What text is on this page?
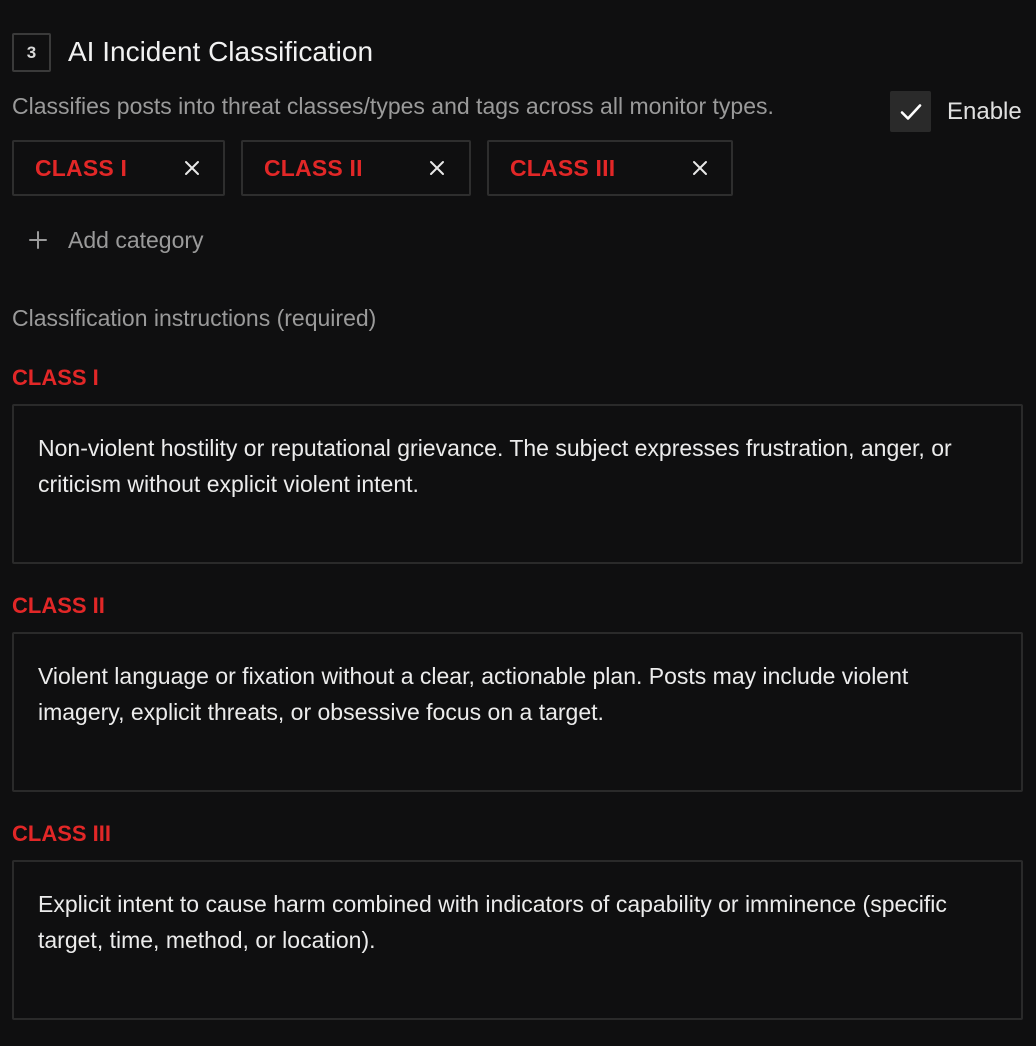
3 AI Incident Classification
Classifies posts into threat classes/types and tags across all monitor types.	Enable
CLASS I	CLASS II	CLASS III
Add category
Classification instructions (required)
CLASS I
Non-violent hostility or reputational grievance. The subject expresses frustration, anger, or criticism without explicit violent intent.
CLASS II
Violent language or fixation without a clear, actionable plan. Posts may include violent imagery, explicit threats, or obsessive focus on a target.
CLASS III
Explicit intent to cause harm combined with indicators of capability or imminence (specific target, time, method, or location).
